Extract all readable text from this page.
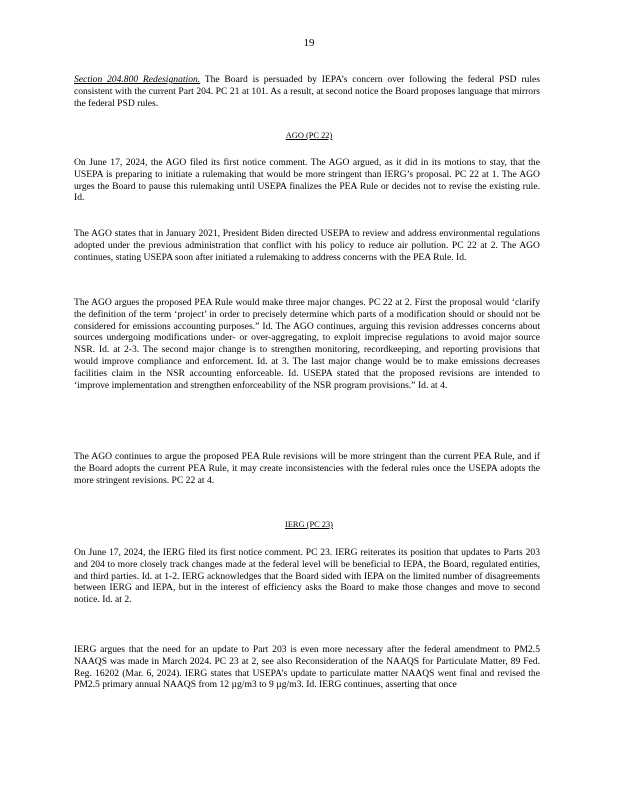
19
Section 204.800 Redesignation. The Board is persuaded by IEPA’s concern over following the federal PSD rules consistent with the current Part 204. PC 21 at 101. As a result, at second notice the Board proposes language that mirrors the federal PSD rules.
AGO (PC 22)
On June 17, 2024, the AGO filed its first notice comment. The AGO argued, as it did in its motions to stay, that the USEPA is preparing to initiate a rulemaking that would be more stringent than IERG’s proposal. PC 22 at 1. The AGO urges the Board to pause this rulemaking until USEPA finalizes the PEA Rule or decides not to revise the existing rule. Id.
The AGO states that in January 2021, President Biden directed USEPA to review and address environmental regulations adopted under the previous administration that conflict with his policy to reduce air pollution. PC 22 at 2. The AGO continues, stating USEPA soon after initiated a rulemaking to address concerns with the PEA Rule. Id.
The AGO argues the proposed PEA Rule would make three major changes. PC 22 at 2. First the proposal would ‘clarify the definition of the term ‘project’ in order to precisely determine which parts of a modification should or should not be considered for emissions accounting purposes.” Id. The AGO continues, arguing this revision addresses concerns about sources undergoing modifications under- or over-aggregating, to exploit imprecise regulations to avoid major source NSR. Id. at 2-3. The second major change is to strengthen monitoring, recordkeeping, and reporting provisions that would improve compliance and enforcement. Id. at 3. The last major change would be to make emissions decreases facilities claim in the NSR accounting enforceable. Id. USEPA stated that the proposed revisions are intended to ‘improve implementation and strengthen enforceability of the NSR program provisions.” Id. at 4.
The AGO continues to argue the proposed PEA Rule revisions will be more stringent than the current PEA Rule, and if the Board adopts the current PEA Rule, it may create inconsistencies with the federal rules once the USEPA adopts the more stringent revisions. PC 22 at 4.
IERG (PC 23)
On June 17, 2024, the IERG filed its first notice comment. PC 23. IERG reiterates its position that updates to Parts 203 and 204 to more closely track changes made at the federal level will be beneficial to IEPA, the Board, regulated entities, and third parties. Id. at 1-2. IERG acknowledges that the Board sided with IEPA on the limited number of disagreements between IERG and IEPA, but in the interest of efficiency asks the Board to make those changes and move to second notice. Id. at 2.
IERG argues that the need for an update to Part 203 is even more necessary after the federal amendment to PM2.5 NAAQS was made in March 2024. PC 23 at 2, see also Reconsideration of the NAAQS for Particulate Matter, 89 Fed. Reg. 16202 (Mar. 6, 2024). IERG states that USEPA’s update to particulate matter NAAQS went final and revised the PM2.5 primary annual NAAQS from 12 µg/m3 to 9 µg/m3. Id. IERG continues, asserting that once
